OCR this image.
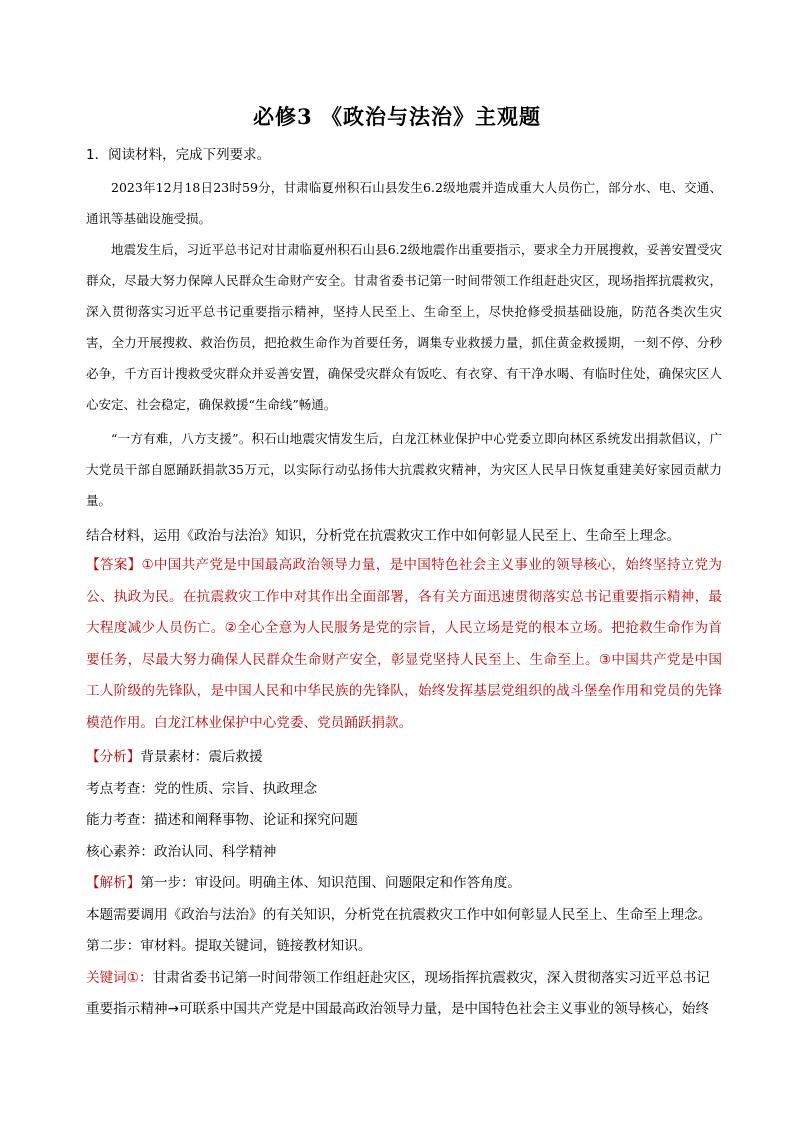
必修3 《政治与法治》主观题
1．阅读材料，完成下列要求。

2023年12月18日23时59分，甘肃临夏州积石山县发生6.2级地震并造成重大人员伤亡，部分水、电、交通、通讯等基础设施受损。

地震发生后，习近平总书记对甘肃临夏州积石山县6.2级地震作出重要指示，要求全力开展搜救，妥善安置受灾群众，尽最大努力保障人民群众生命财产安全。甘肃省委书记第一时间带领工作组赶赴灾区，现场指挥抗震救灾，深入贯彻落实习近平总书记重要指示精神，坚持人民至上、生命至上，尽快抢修受损基础设施，防范各类次生灾害，全力开展搜救、救治伤员，把抢救生命作为首要任务，调集专业救援力量，抓住黄金救援期，一刻不停、分秒必争，千方百计搜救受灾群众并妥善安置，确保受灾群众有饭吃、有衣穿、有干净水喝、有临时住处，确保灾区人心安定、社会稳定，确保救援“生命线”畅通。

“一方有难，八方支援”。积石山地震灾情发生后，白龙江林业保护中心党委立即向林区系统发出捐款倡议，广大党员干部自愿踊跃捐款35万元，以实际行动弘扬伟大抗震救灾精神，为灾区人民早日恢复重建美好家园贡献力量。

结合材料，运用《政治与法治》知识，分析党在抗震救灾工作中如何彰显人民至上、生命至上理念。
【答案】①中国共产党是中国最高政治领导力量，是中国特色社会主义事业的领导核心，始终坚持立党为公、执政为民。在抗震救灾工作中对其作出全面部署，各有关方面迅速贯彻落实总书记重要指示精神，最大程度减少人员伤亡。②全心全意为人民服务是党的宗旨，人民立场是党的根本立场。把抢救生命作为首要任务，尽最大努力确保人民群众生命财产安全，彰显党坚持人民至上、生命至上。③中国共产党是中国工人阶级的先锋队，是中国人民和中华民族的先锋队，始终发挥基层党组织的战斗堡垒作用和党员的先锋模范作用。白龙江林业保护中心党委、党员踊跃捐款。
【分析】背景素材：震后救援
考点考查：党的性质、宗旨、执政理念
能力考查：描述和阐释事物、论证和探究问题
核心素养：政治认同、科学精神
【解析】第一步：审设问。明确主体、知识范围、问题限定和作答角度。
本题需要调用《政治与法治》的有关知识，分析党在抗震救灾工作中如何彰显人民至上、生命至上理念。
第二步：审材料。提取关键词，链接教材知识。
关键词①：甘肃省委书记第一时间带领工作组赶赴灾区，现场指挥抗震救灾，深入贯彻落实习近平总书记
重要指示精神→可联系中国共产党是中国最高政治领导力量，是中国特色社会主义事业的领导核心，始终
